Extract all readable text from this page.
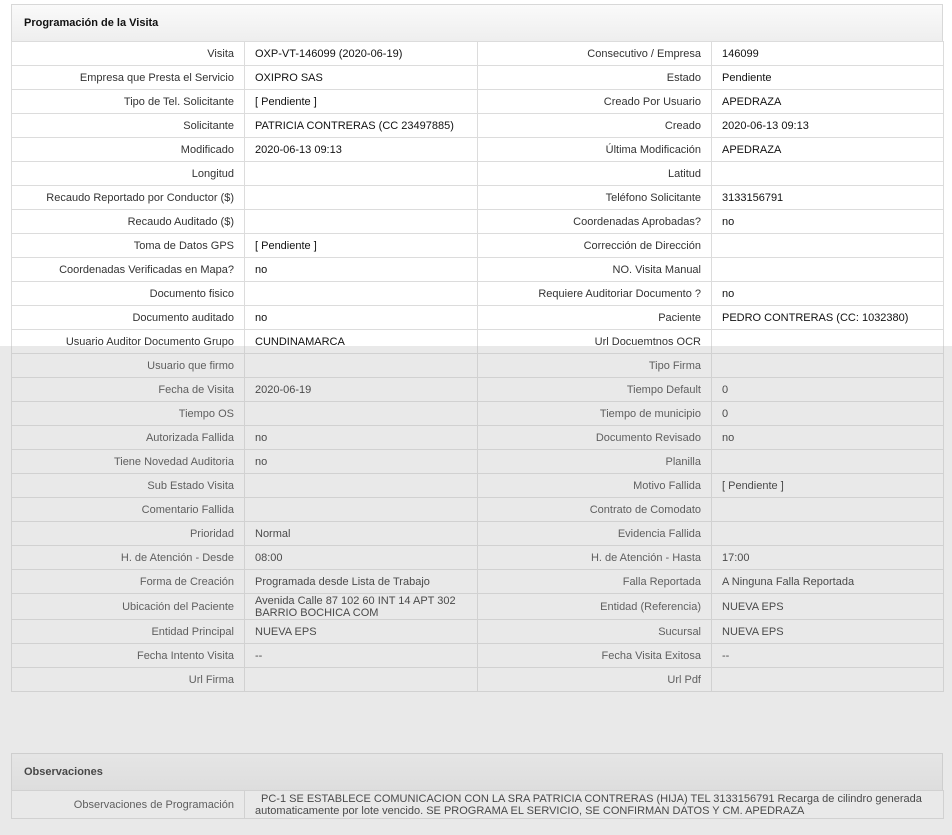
Programación de la Visita
Visita	OXP-VT-146099 (2020-06-19)	Consecutivo / Empresa	146099
Empresa que Presta el Servicio	OXIPRO SAS	Estado	Pendiente
Tipo de Tel. Solicitante	[ Pendiente ]	Creado Por Usuario	APEDRAZA
Solicitante	PATRICIA CONTRERAS (CC 23497885)	Creado	2020-06-13 09:13
Modificado	2020-06-13 09:13	Última Modificación	APEDRAZA
Longitud		Latitud	
Recaudo Reportado por Conductor ($)		Teléfono Solicitante	3133156791
Recaudo Auditado ($)		Coordenadas Aprobadas?	no
Toma de Datos GPS	[ Pendiente ]	Corrección de Dirección	
Coordenadas Verificadas en Mapa?	no	NO. Visita Manual	
Documento fisico		Requiere Auditoriar Documento ?	no
Documento auditado	no	Paciente	PEDRO CONTRERAS (CC: 1032380)
Usuario Auditor Documento Grupo	CUNDINAMARCA	Url Docuemtnos OCR	
Usuario que firmo		Tipo Firma	
Fecha de Visita	2020-06-19	Tiempo Default	0
Tiempo OS		Tiempo de municipio	0
Autorizada Fallida	no	Documento Revisado	no
Tiene Novedad Auditoria	no	Planilla	
Sub Estado Visita		Motivo Fallida	[ Pendiente ]
Comentario Fallida		Contrato de Comodato	
Prioridad	Normal	Evidencia Fallida	
H. de Atención - Desde	08:00	H. de Atención - Hasta	17:00
Forma de Creación	Programada desde Lista de Trabajo	Falla Reportada	A Ninguna Falla Reportada
Ubicación del Paciente	Avenida Calle 87 102 60 INT 14 APT 302 BARRIO BOCHICA COM	Entidad (Referencia)	NUEVA EPS
Entidad Principal	NUEVA EPS	Sucursal	NUEVA EPS
Fecha Intento Visita	--	Fecha Visita Exitosa	--
Url Firma		Url Pdf	
Observaciones
Observaciones de Programación	PC-1 SE ESTABLECE COMUNICACION CON LA SRA PATRICIA CONTRERAS (HIJA) TEL 3133156791 Recarga de cilindro generada automaticamente por lote vencido. SE PROGRAMA EL SERVICIO, SE CONFIRMAN DATOS Y CM. APEDRAZA
